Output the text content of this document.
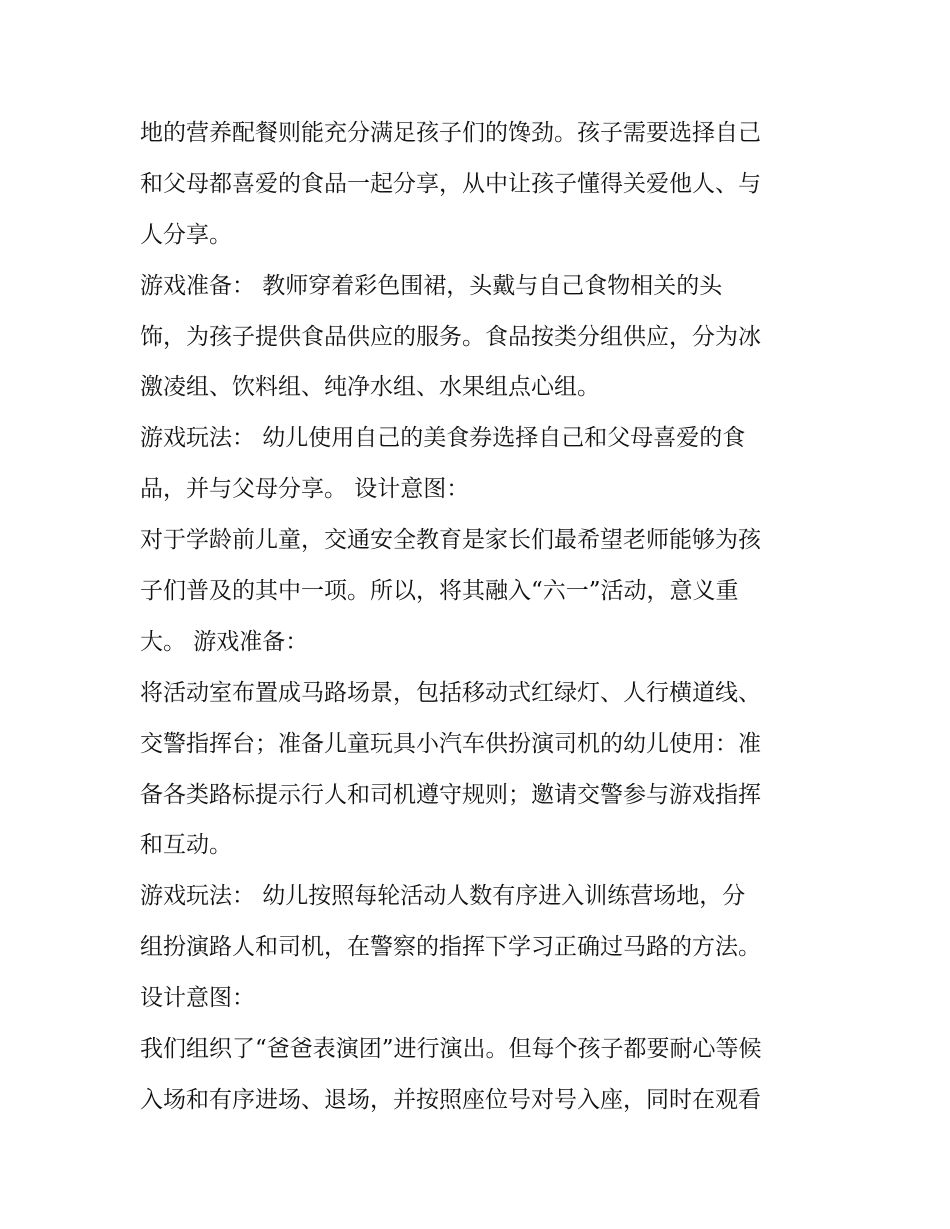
地的营养配餐则能充分满足孩子们的馋劲。孩子需要选择自己
和父母都喜爱的食品一起分享，从中让孩子懂得关爱他人、与
人分享。
游戏准备： 教师穿着彩色围裙，头戴与自己食物相关的头
饰，为孩子提供食品供应的服务。食品按类分组供应，分为冰
激凌组、饮料组、纯净水组、水果组点心组。
游戏玩法： 幼儿使用自己的美食券选择自己和父母喜爱的食
品，并与父母分享。 设计意图：
对于学龄前儿童，交通安全教育是家长们最希望老师能够为孩
子们普及的其中一项。所以，将其融入“六一”活动，意义重
大。 游戏准备：
将活动室布置成马路场景，包括移动式红绿灯、人行横道线、
交警指挥台；准备儿童玩具小汽车供扮演司机的幼儿使用：准
备各类路标提示行人和司机遵守规则；邀请交警参与游戏指挥
和互动。
游戏玩法： 幼儿按照每轮活动人数有序进入训练营场地，分
组扮演路人和司机，在警察的指挥下学习正确过马路的方法。
设计意图：
我们组织了“爸爸表演团”进行演出。但每个孩子都要耐心等候
入场和有序进场、退场，并按照座位号对号入座，同时在观看
